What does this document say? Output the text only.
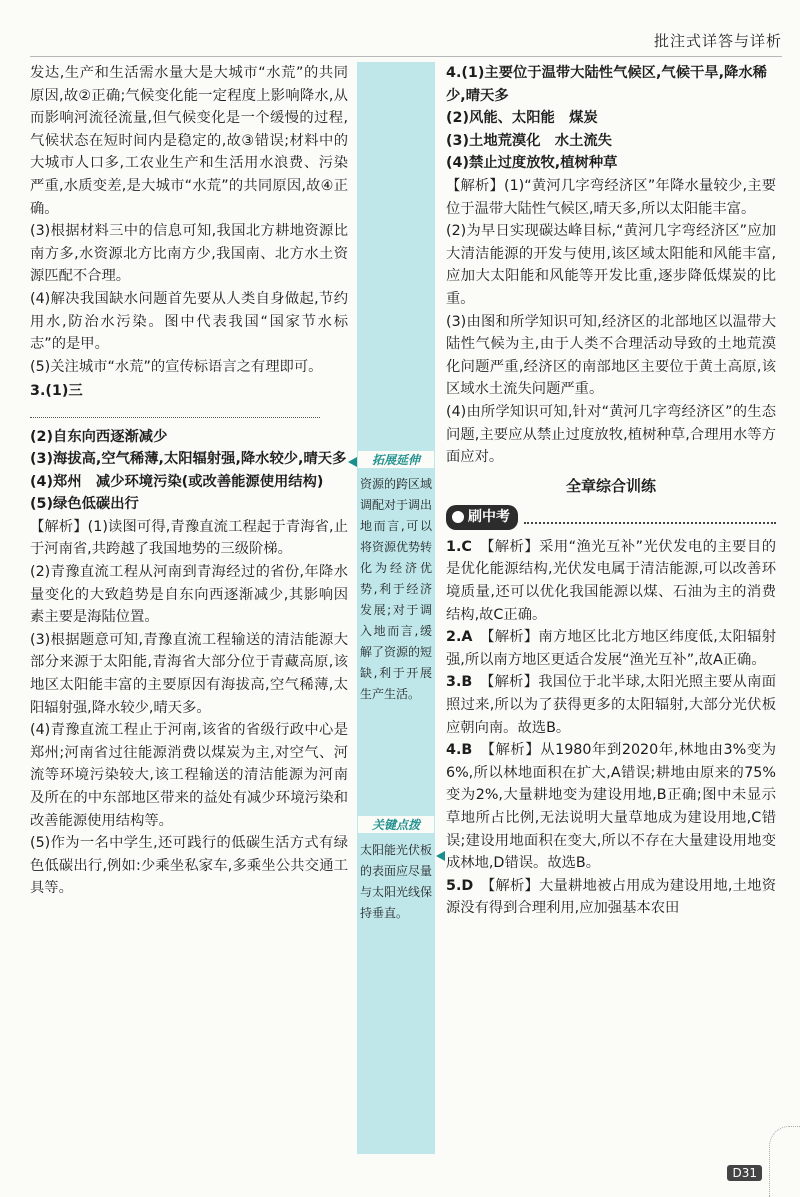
批注式详答与详析
拓展延伸
资源的跨区域调配对于调出地而言,可以将资源优势转化为经济优势,利于经济发展;对于调入地而言,缓解了资源的短缺,利于开展生产生活。
关键点拨
太阳能光伏板的表面应尽量与太阳光线保持垂直。

发达,生产和生活需水量大是大城市“水荒”的共同原因,故②正确;气候变化能一定程度上影响降水,从而影响河流径流量,但气候变化是一个缓慢的过程,气候状态在短时间内是稳定的,故③错误;材料中的大城市人口多,工农业生产和生活用水浪费、污染严重,水质变差,是大城市“水荒”的共同原因,故④正确。

(3)根据材料三中的信息可知,我国北方耕地资源比南方多,水资源北方比南方少,我国南、北方水土资源匹配不合理。

(4)解决我国缺水问题首先要从人类自身做起,节约用水,防治水污染。图中代表我国“国家节水标志”的是甲。

(5)关注城市“水荒”的宣传标语言之有理即可。

3.(1)三

(2)自东向西逐渐减少

(3)海拔高,空气稀薄,太阳辐射强,降水较少,晴天多

(4)郑州　减少环境污染(或改善能源使用结构)

(5)绿色低碳出行

【解析】(1)读图可得,青豫直流工程起于青海省,止于河南省,共跨越了我国地势的三级阶梯。

(2)青豫直流工程从河南到青海经过的省份,年降水量变化的大致趋势是自东向西逐渐减少,其影响因素主要是海陆位置。

(3)根据题意可知,青豫直流工程输送的清洁能源大部分来源于太阳能,青海省大部分位于青藏高原,该地区太阳能丰富的主要原因有海拔高,空气稀薄,太阳辐射强,降水较少,晴天多。

(4)青豫直流工程止于河南,该省的省级行政中心是郑州;河南省过往能源消费以煤炭为主,对空气、河流等环境污染较大,该工程输送的清洁能源为河南及所在的中东部地区带来的益处有减少环境污染和改善能源使用结构等。

(5)作为一名中学生,还可践行的低碳生活方式有绿色低碳出行,例如:少乘坐私家车,多乘坐公共交通工具等。

4.(1)主要位于温带大陆性气候区,气候干旱,降水稀少,晴天多

(2)风能、太阳能　煤炭

(3)土地荒漠化　水土流失

(4)禁止过度放牧,植树种草

【解析】(1)“黄河几字弯经济区”年降水量较少,主要位于温带大陆性气候区,晴天多,所以太阳能丰富。

(2)为早日实现碳达峰目标,“黄河几字弯经济区”应加大清洁能源的开发与使用,该区域太阳能和风能丰富,应加大太阳能和风能等开发比重,逐步降低煤炭的比重。

(3)由图和所学知识可知,经济区的北部地区以温带大陆性气候为主,由于人类不合理活动导致的土地荒漠化问题严重,经济区的南部地区主要位于黄土高原,该区域水土流失问题严重。

(4)由所学知识可知,针对“黄河几字弯经济区”的生态问题,主要应从禁止过度放牧,植树种草,合理用水等方面应对。

全章综合训练
刷中考

1.C　 【解析】采用“渔光互补”光伏发电的主要目的是优化能源结构,光伏发电属于清洁能源,可以改善环境质量,还可以优化我国能源以煤、石油为主的消费结构,故C正确。

2.A　 【解析】南方地区比北方地区纬度低,太阳辐射强,所以南方地区更适合发展“渔光互补”,故A正确。

3.B　 【解析】我国位于北半球,太阳光照主要从南面照过来,所以为了获得更多的太阳辐射,大部分光伏板应朝向南。故选B。

4.B　 【解析】从1980年到2020年,林地由3%变为6%,所以林地面积在扩大,A错误;耕地由原来的75%变为2%,大量耕地变为建设用地,B正确;图中未显示草地所占比例,无法说明大量草地成为建设用地,C错误;建设用地面积在变大,所以不存在大量建设用地变成林地,D错误。故选B。

5.D　 【解析】大量耕地被占用成为建设用地,土地资源没有得到合理利用,应加强基本农田

D31
